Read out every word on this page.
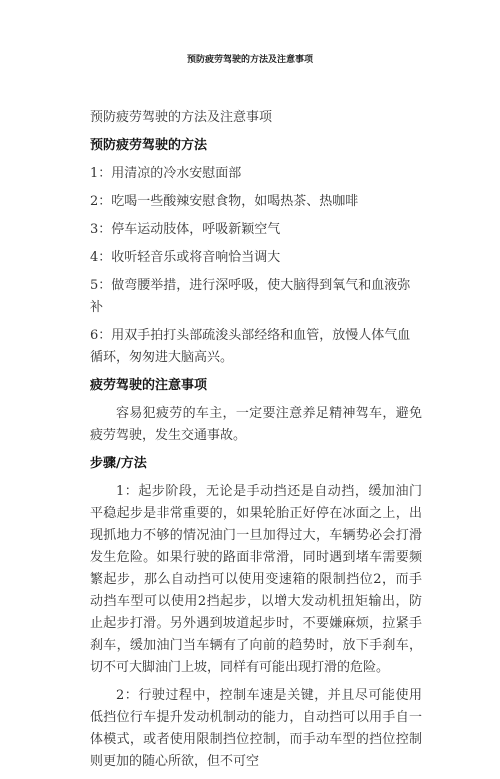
预防疲劳驾驶的方法及注意事项

预防疲劳驾驶的方法及注意事项

预防疲劳驾驶的方法

1：用清凉的冷水安慰面部

2：吃喝一些酸辣安慰食物，如喝热茶、热咖啡

3：停车运动肢体，呼吸新颖空气

4：收听轻音乐或将音响恰当调大

5：做弯腰举措，进行深呼吸，使大脑得到氧气和血液弥补

6：用双手拍打头部疏浚头部经络和血管，放慢人体气血循环，匆匆进大脑高兴。

疲劳驾驶的注意事项

容易犯疲劳的车主，一定要注意养足精神驾车，避免疲劳驾驶，发生交通事故。

步骤/方法

1：起步阶段，无论是手动挡还是自动挡，缓加油门平稳起步是非常重要的，如果轮胎正好停在冰面之上，出现抓地力不够的情况油门一旦加得过大，车辆势必会打滑发生危险。如果行驶的路面非常滑，同时遇到堵车需要频繁起步，那么自动挡可以使用变速箱的限制挡位2，而手动挡车型可以使用2挡起步，以增大发动机扭矩输出，防止起步打滑。另外遇到坡道起步时，不要嫌麻烦，拉紧手刹车，缓加油门当车辆有了向前的趋势时，放下手刹车，切不可大脚油门上坡，同样有可能出现打滑的危险。

2：行驶过程中，控制车速是关键，并且尽可能使用低挡位行车提升发动机制动的能力，自动挡可以用手自一体模式，或者使用限制挡位控制，而手动车型的挡位控制则更加的随心所欲，但不可空
